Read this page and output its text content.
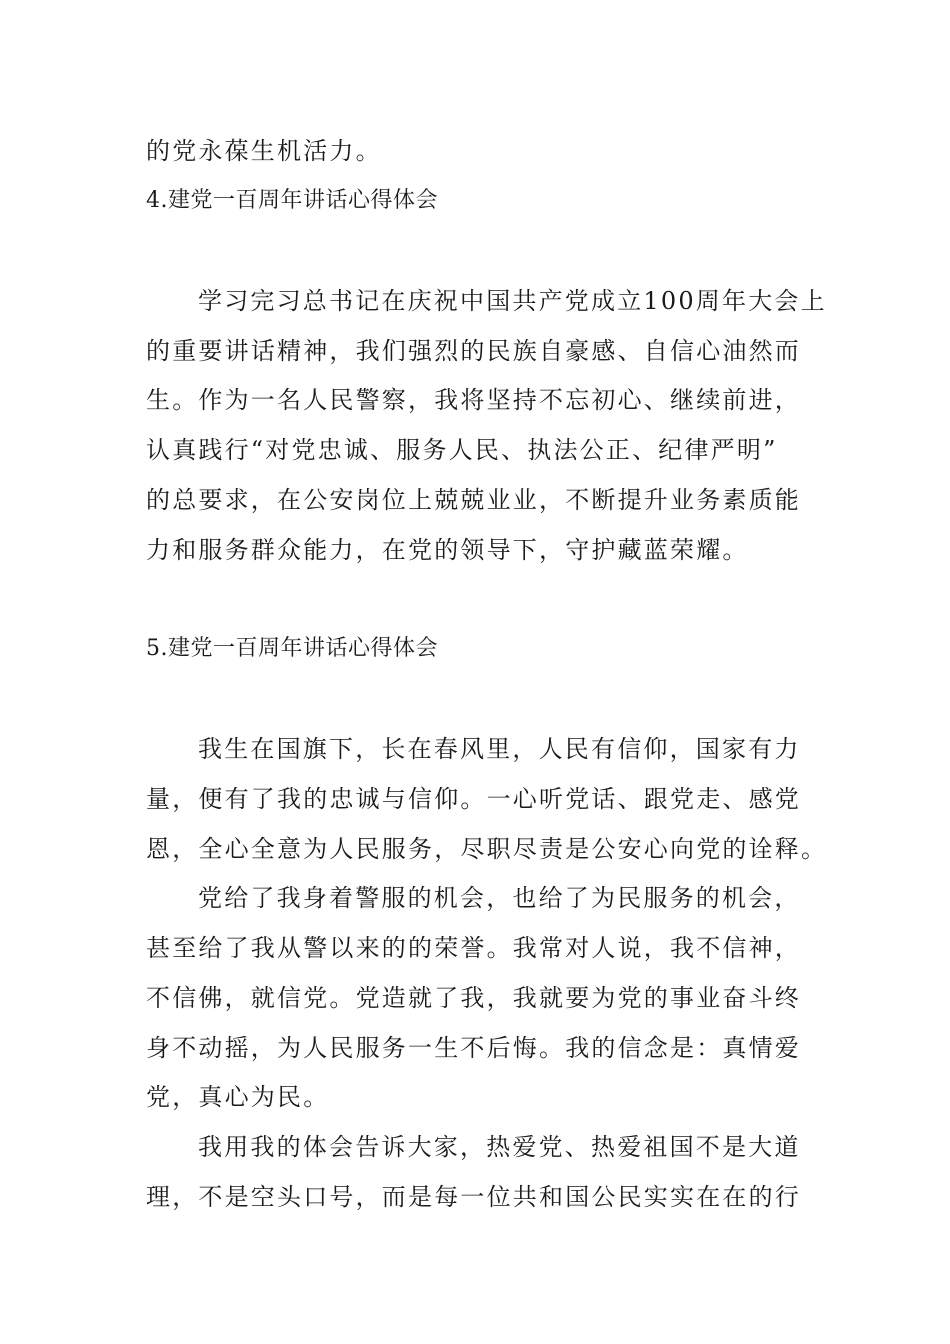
的党永葆生机活力。
4.建党一百周年讲话心得体会
学习完习总书记在庆祝中国共产党成立100周年大会上
的重要讲话精神，我们强烈的民族自豪感、自信心油然而
生。作为一名人民警察，我将坚持不忘初心、继续前进，
认真践行“对党忠诚、服务人民、执法公正、纪律严明”
的总要求，在公安岗位上兢兢业业，不断提升业务素质能
力和服务群众能力，在党的领导下，守护藏蓝荣耀。
5.建党一百周年讲话心得体会
我生在国旗下，长在春风里，人民有信仰，国家有力
量，便有了我的忠诚与信仰。一心听党话、跟党走、感党
恩，全心全意为人民服务，尽职尽责是公安心向党的诠释。
党给了我身着警服的机会，也给了为民服务的机会，
甚至给了我从警以来的的荣誉。我常对人说，我不信神，
不信佛，就信党。党造就了我，我就要为党的事业奋斗终
身不动摇，为人民服务一生不后悔。我的信念是：真情爱
党，真心为民。
我用我的体会告诉大家，热爱党、热爱祖国不是大道
理，不是空头口号，而是每一位共和国公民实实在在的行
